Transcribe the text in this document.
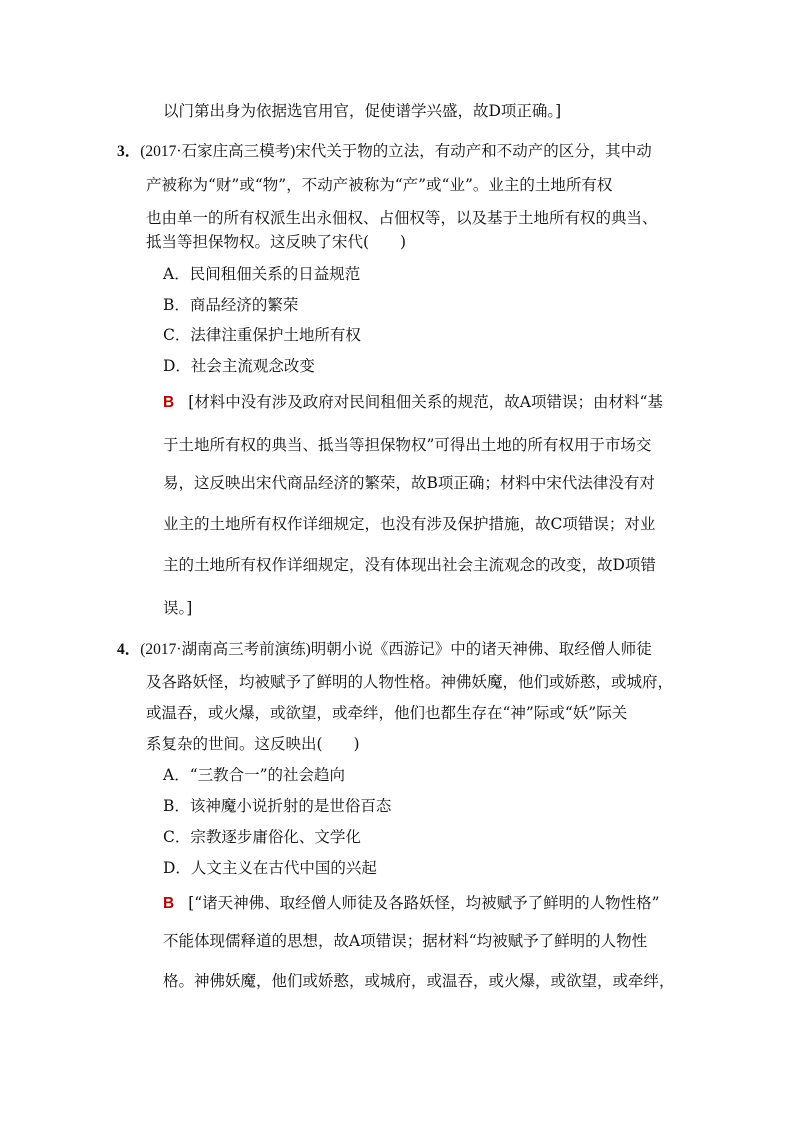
以门第出身为依据选官用官，促使谱学兴盛，故D项正确。]
3．(2017·石家庄高三模考)宋代关于物的立法，有动产和不动产的区分，其中动
产被称为“财”或“物”，不动产被称为“产”或“业”。业主的土地所有权
也由单一的所有权派生出永佃权、占佃权等，以及基于土地所有权的典当、
抵当等担保物权。这反映了宋代(　　)
A．民间租佃关系的日益规范
B．商品经济的繁荣
C．法律注重保护土地所有权
D．社会主流观念改变
B [材料中没有涉及政府对民间租佃关系的规范，故A项错误；由材料“基
于土地所有权的典当、抵当等担保物权”可得出土地的所有权用于市场交
易，这反映出宋代商品经济的繁荣，故B项正确；材料中宋代法律没有对
业主的土地所有权作详细规定，也没有涉及保护措施，故C项错误；对业
主的土地所有权作详细规定，没有体现出社会主流观念的改变，故D项错
误。]
4．(2017·湖南高三考前演练)明朝小说《西游记》中的诸天神佛、取经僧人师徒
及各路妖怪，均被赋予了鲜明的人物性格。神佛妖魔，他们或娇憨，或城府，
或温吞，或火爆，或欲望，或牵绊，他们也都生存在“神”际或“妖”际关
系复杂的世间。这反映出(　　)
A．“三教合一”的社会趋向
B．该神魔小说折射的是世俗百态
C．宗教逐步庸俗化、文学化
D．人文主义在古代中国的兴起
B [“诸天神佛、取经僧人师徒及各路妖怪，均被赋予了鲜明的人物性格”
不能体现儒释道的思想，故A项错误；据材料“均被赋予了鲜明的人物性
格。神佛妖魔，他们或娇憨，或城府，或温吞，或火爆，或欲望，或牵绊，
